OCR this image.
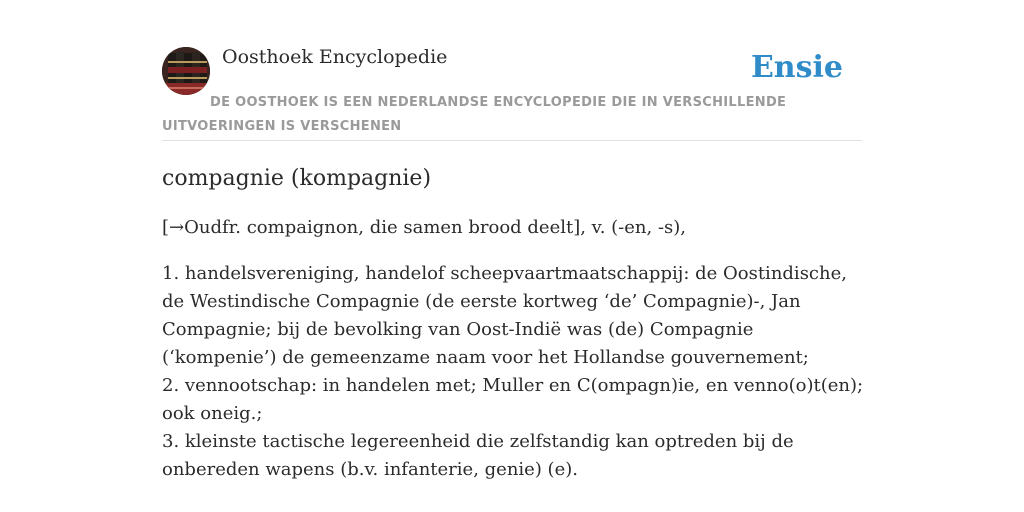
Oosthoek Encyclopedie	Ensie
DE OOSTHOEK IS EEN NEDERLANDSE ENCYCLOPEDIE DIE IN VERSCHILLENDE UITVOERINGEN IS VERSCHENEN
compagnie (kompagnie)

[→Oudfr. compaignon, die samen brood deelt], v. (-en, -s),

1. handelsvereniging, handelof scheepvaartmaatschappij: de Oostindische, de Westindische Compagnie (de eerste kortweg ‘de’ Compagnie)-, Jan Compagnie; bij de bevolking van Oost-Indië was (de) Compagnie (‘kompenie’) de gemeenzame naam voor het Hollandse gouvernement;
2. vennootschap: in handelen met; Muller en C(ompagn)ie, en venno(o)t(en); ook oneig.;
3. kleinste tactische legereenheid die zelfstandig kan optreden bij de onbereden wapens (b.v. infanterie, genie) (e).
